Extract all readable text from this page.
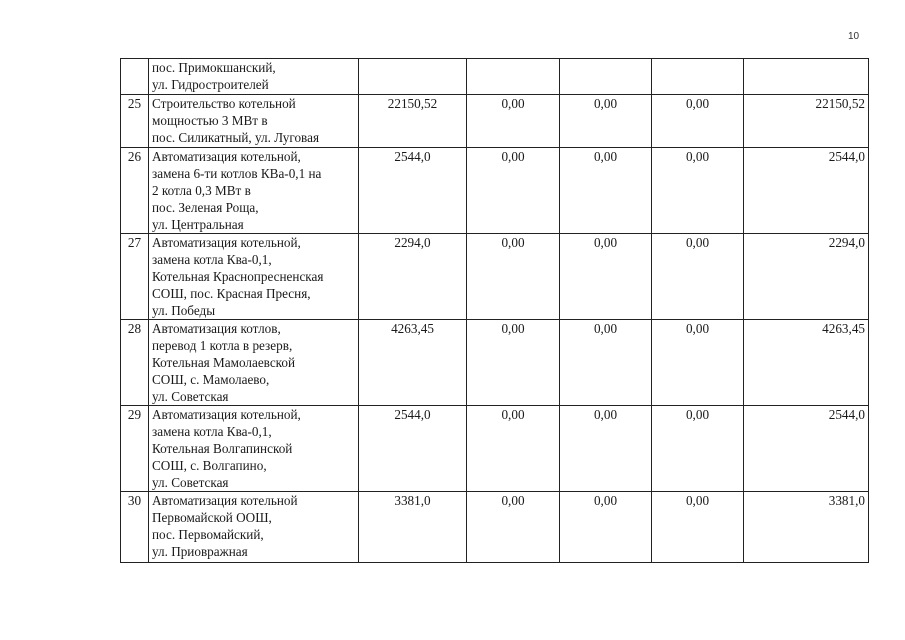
10

	пос. Примокшанский,
ул. Гидростроителей					

25	Строительство котельной
мощностью 3 МВт в
пос. Силикатный, ул. Луговая	22150,52	0,00	0,00	0,00	22150,52
26	Автоматизация котельной,
замена 6-ти котлов КВа-0,1 на
2 котла 0,3 МВт в
пос. Зеленая Роща,
ул. Центральная	2544,0	0,00	0,00	0,00	2544,0
27	Автоматизация котельной,
замена котла Ква-0,1,
Котельная Краснопресненская
СОШ, пос. Красная Пресня,
ул. Победы	2294,0	0,00	0,00	0,00	2294,0
28	Автоматизация котлов,
перевод 1 котла в резерв,
Котельная Мамолаевской
СОШ, с. Мамолаево,
ул. Советская	4263,45	0,00	0,00	0,00	4263,45
29	Автоматизация котельной,
замена котла Ква-0,1,
Котельная Волгапинской
СОШ, с. Волгапино,
ул. Советская	2544,0	0,00	0,00	0,00	2544,0
30	Автоматизация котельной
Первомайской ООШ,
пос. Первомайский,
ул. Приовражная	3381,0	0,00	0,00	0,00	3381,0
